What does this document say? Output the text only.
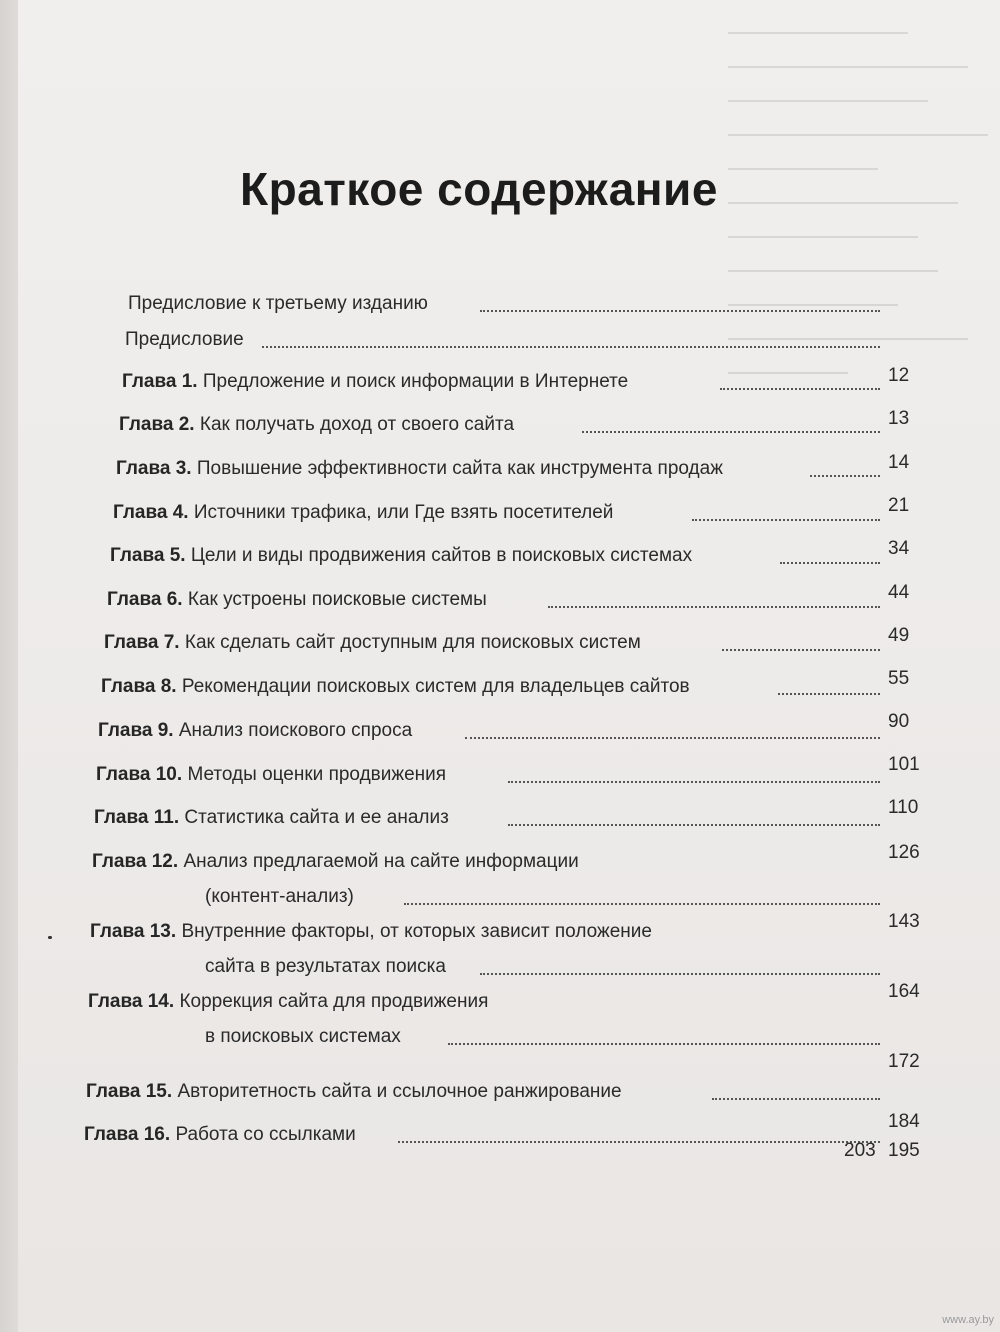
Краткое содержание
Предисловие к третьему изданию
Предисловие
12
Глава 1. Предложение и поиск информации в Интернете
13
Глава 2. Как получать доход от своего сайта
14
Глава 3. Повышение эффективности сайта как инструмента продаж
21
Глава 4. Источники трафика, или Где взять посетителей
34
Глава 5. Цели и виды продвижения сайтов в поисковых системах
44
Глава 6. Как устроены поисковые системы
49
Глава 7. Как сделать сайт доступным для поисковых систем
55
Глава 8. Рекомендации поисковых систем для владельцев сайтов
90
Глава 9. Анализ поискового спроса
101
Глава 10. Методы оценки продвижения
110
Глава 11. Статистика сайта и ее анализ
126
Глава 12. Анализ предлагаемой на сайте информации
(контент-анализ)
143
Глава 13. Внутренние факторы, от которых зависит положение
сайта в результатах поиска
164
Глава 14. Коррекция сайта для продвижения
в поисковых системах
172
Глава 15. Авторитетность сайта и ссылочное ранжирование
184
Глава 16. Работа со ссылками
195
203
www.ay.by
